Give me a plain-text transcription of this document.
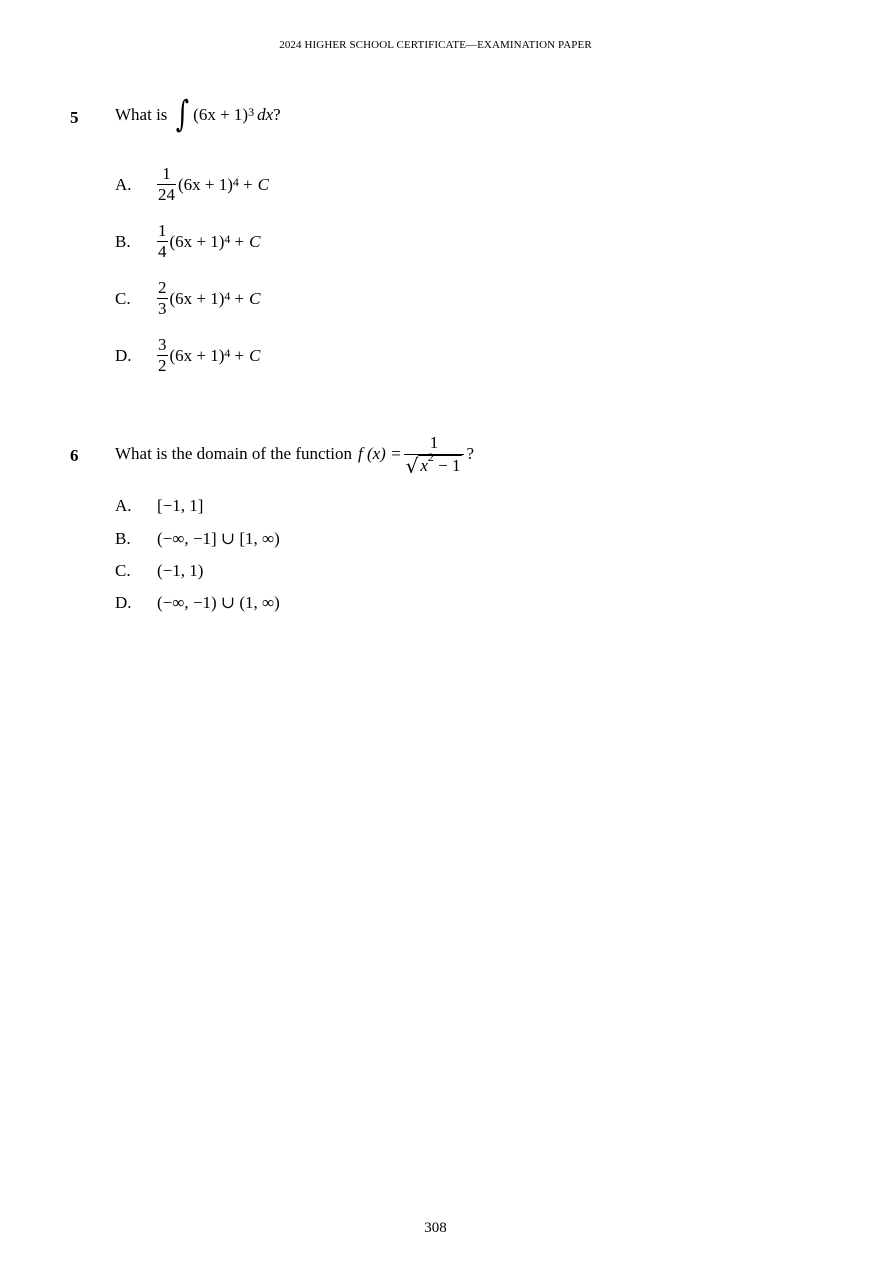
2024 HIGHER SCHOOL CERTIFICATE—EXAMINATION PAPER
5 What is ∫ $(6x + 1)^3$ dx ?
A.	$\frac{1}{24} (6x + 1)^4 + C$
B.	$\frac{1}{4} (6x + 1)^4 + C$
C.	$\frac{2}{3} (6x + 1)^4 + C$
D.	$\frac{3}{2} (6x + 1)^4 + C$
6 What is the domain of the function f $(x) = \frac{1}{√ x^2 - 1}$ ?
A.	[−1, 1]
B.	(−∞, −1] ∪ [1, ∞)
C.	(−1, 1)
D.	(−∞, −1) ∪ (1, ∞)
308
